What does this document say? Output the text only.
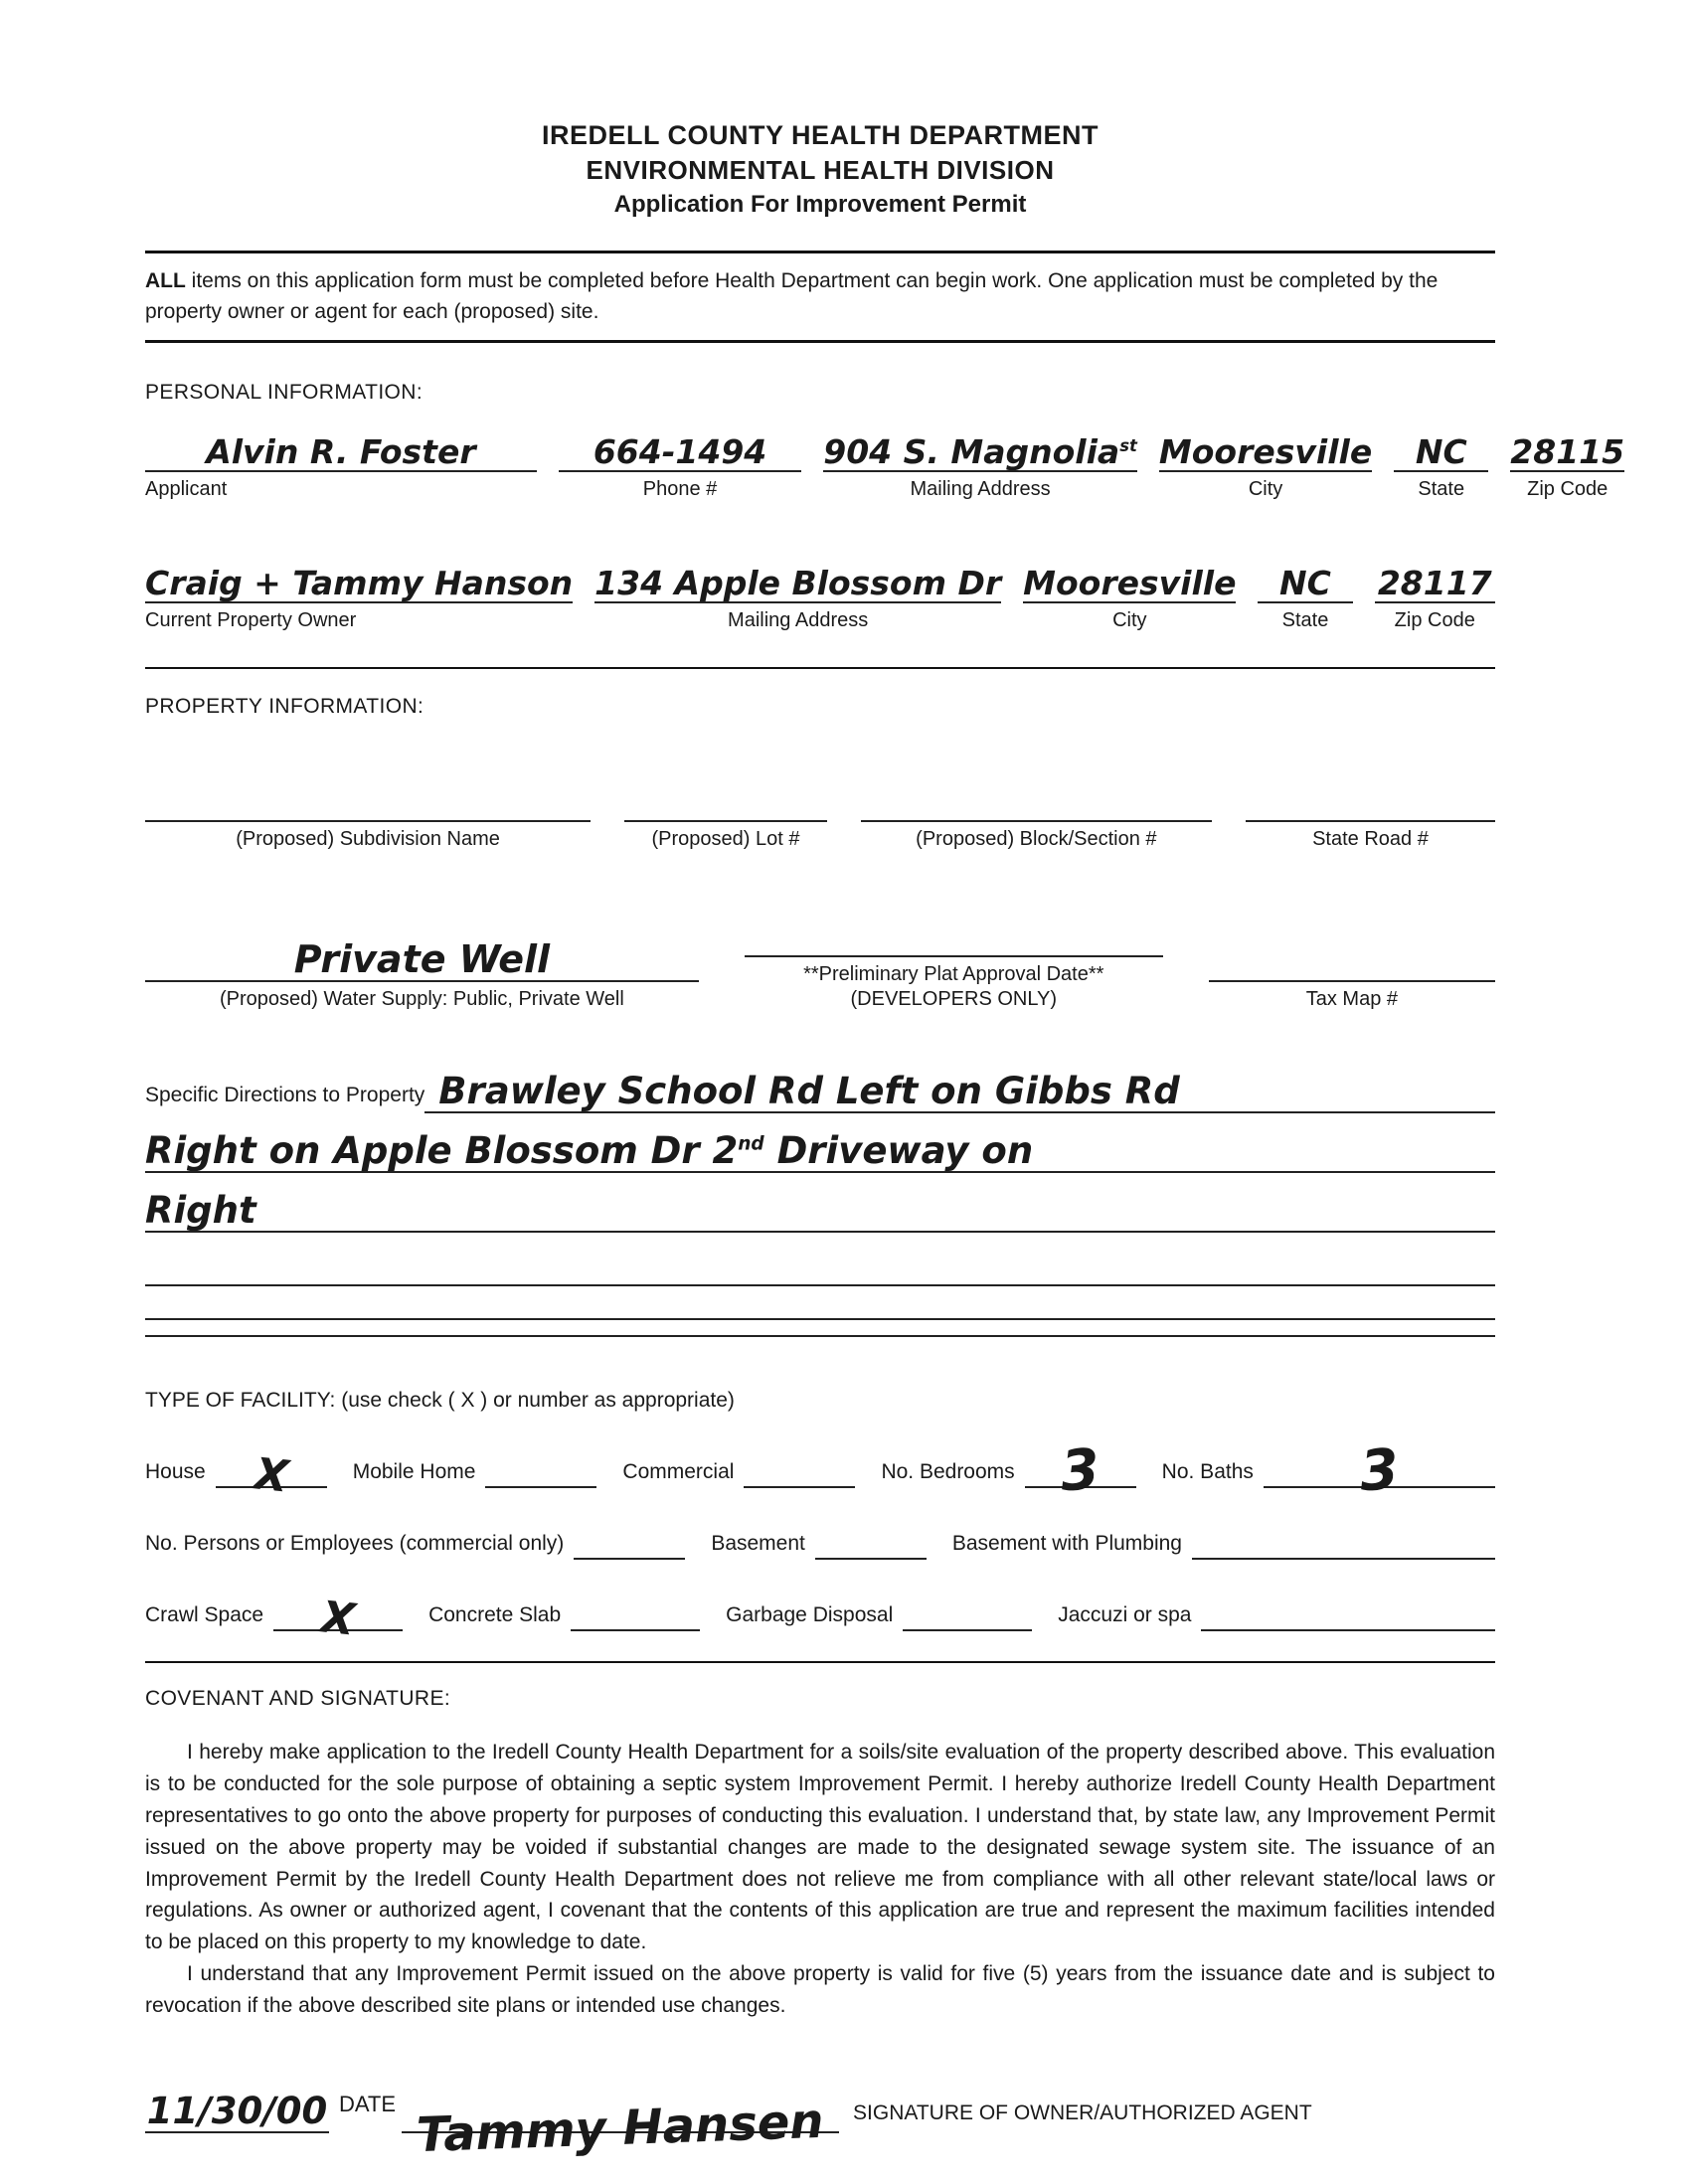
IREDELL COUNTY HEALTH DEPARTMENT
ENVIRONMENTAL HEALTH DIVISION
Application For Improvement Permit
ALL items on this application form must be completed before Health Department can begin work. One application must be completed by the property owner or agent for each (proposed) site.
PERSONAL INFORMATION:
Alvin R. Foster
Applicant
664-1494
Phone #
904 S. Magnolia$^{st}$
Mailing Address
Mooresville
City
NC
State
28115
Zip Code
Craig + Tammy Hanson
Current Property Owner
134 Apple Blossom Dr
Mailing Address
Mooresville
City
NC
State
28117
Zip Code
PROPERTY INFORMATION:
(Proposed) Subdivision Name	(Proposed) Lot #	(Proposed) Block/Section #	State Road #
Private Well
(Proposed) Water Supply: Public, Private Well
**Preliminary Plat Approval Date**
(DEVELOPERS ONLY)	Tax Map #
Specific Directions to Property Brawley School Rd Left on Gibbs Rd
Right on Apple Blossom Dr 2nd Driveway on
Right
TYPE OF FACILITY: (use check ( X ) or number as appropriate)
House X	Mobile Home	Commercial	No. Bedrooms 3	No. Baths 3
No. Persons or Employees (commercial only)	Basement	Basement with Plumbing
Crawl Space X	Concrete Slab	Garbage Disposal	Jaccuzi or spa
COVENANT AND SIGNATURE:

I hereby make application to the Iredell County Health Department for a soils/site evaluation of the property described above. This evaluation is to be conducted for the sole purpose of obtaining a septic system Improvement Permit. I hereby authorize Iredell County Health Department representatives to go onto the above property for purposes of conducting this evaluation. I understand that, by state law, any Improvement Permit issued on the above property may be voided if substantial changes are made to the designated sewage system site. The issuance of an Improvement Permit by the Iredell County Health Department does not relieve me from compliance with all other relevant state/local laws or regulations. As owner or authorized agent, I covenant that the contents of this application are true and represent the maximum facilities intended to be placed on this property to my knowledge to date.

I understand that any Improvement Permit issued on the above property is valid for five (5) years from the issuance date and is subject to revocation if the above described site plans or intended use changes.

11/30/00 DATE Tammy Hansen SIGNATURE OF OWNER/AUTHORIZED AGENT
